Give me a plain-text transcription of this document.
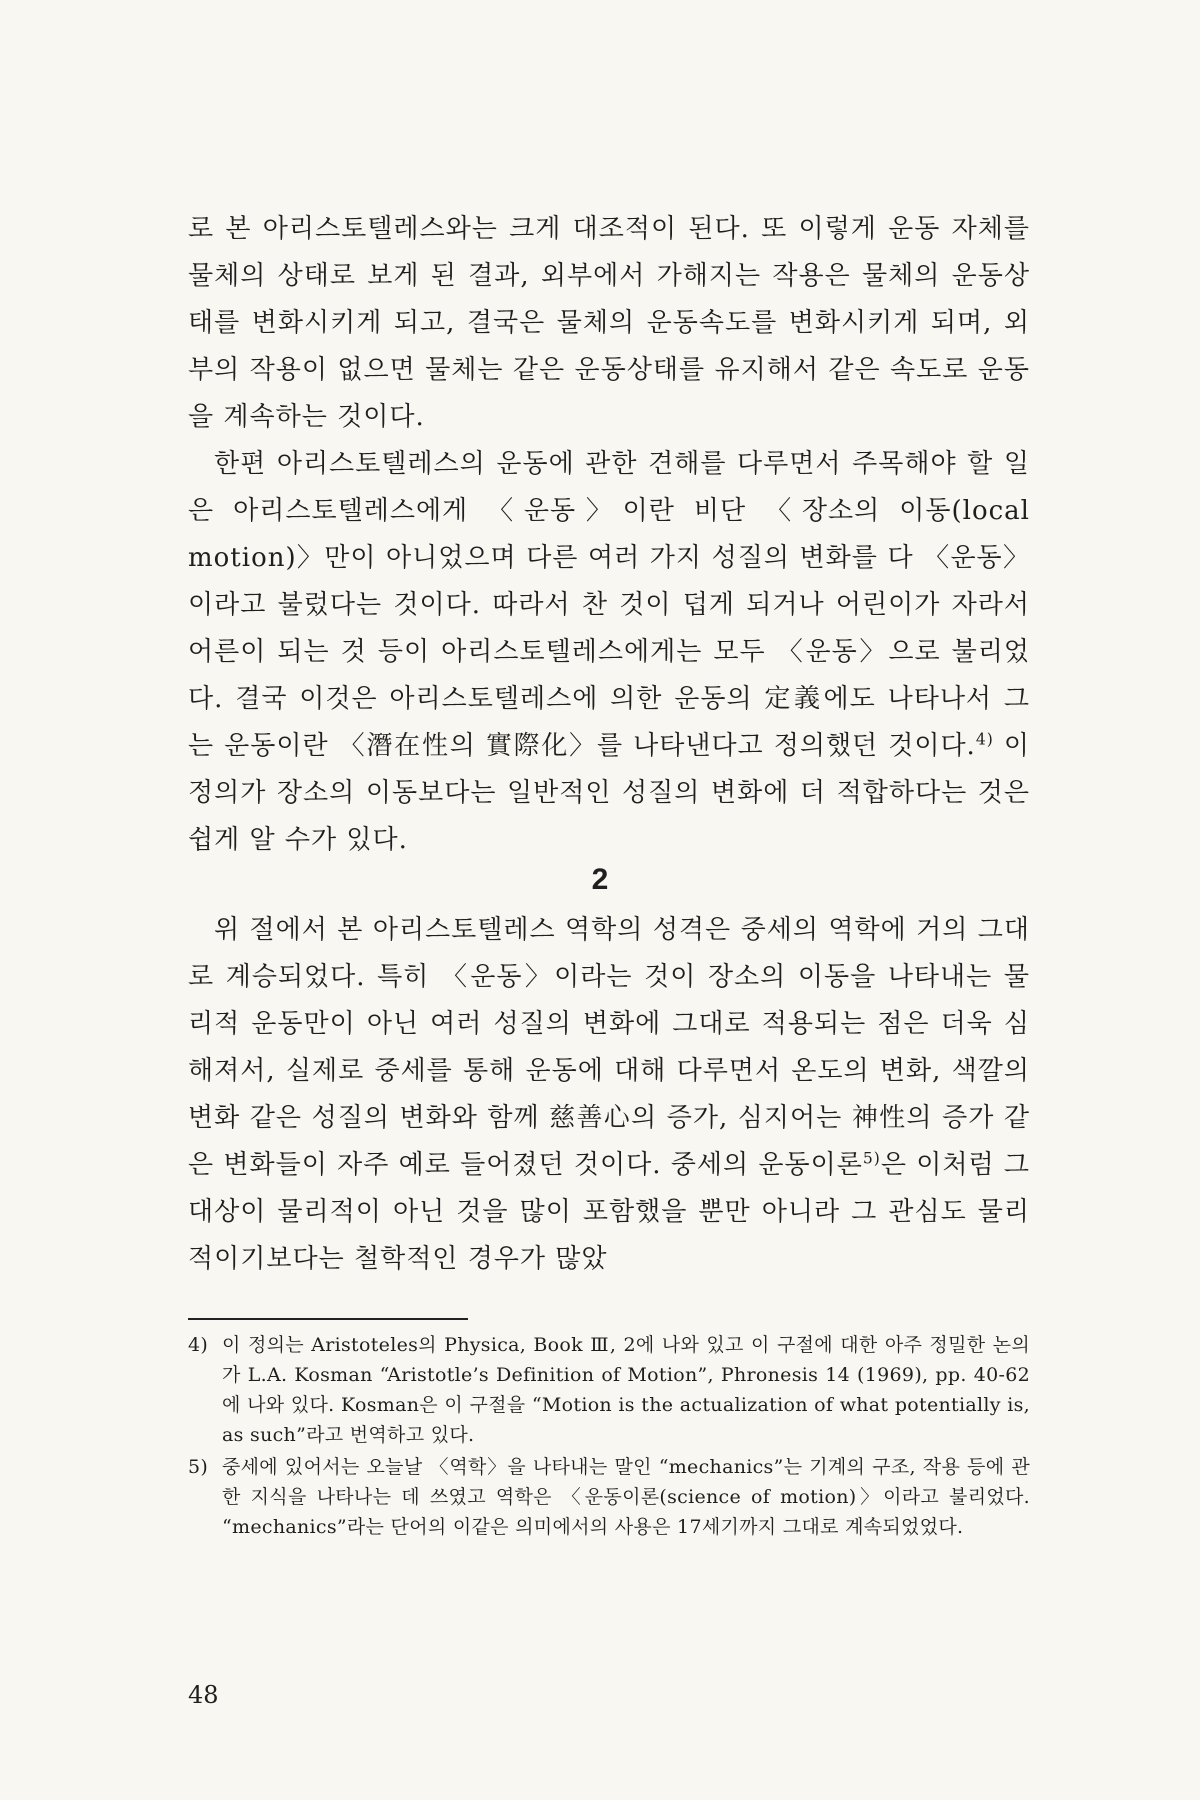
로 본 아리스토텔레스와는 크게 대조적이 된다. 또 이렇게 운동 자체를 물체의 상태로 보게 된 결과, 외부에서 가해지는 작용은 물체의 운동상태를 변화시키게 되고, 결국은 물체의 운동속도를 변화시키게 되며, 외부의 작용이 없으면 물체는 같은 운동상태를 유지해서 같은 속도로 운동을 계속하는 것이다.

한편 아리스토텔레스의 운동에 관한 견해를 다루면서 주목해야 할 일은 아리스토텔레스에게 〈운동〉이란 비단 〈장소의 이동(local motion)〉만이 아니었으며 다른 여러 가지 성질의 변화를 다 〈운동〉이라고 불렀다는 것이다. 따라서 찬 것이 덥게 되거나 어린이가 자라서 어른이 되는 것 등이 아리스토텔레스에게는 모두 〈운동〉으로 불리었다. 결국 이것은 아리스토텔레스에 의한 운동의 定義에도 나타나서 그는 운동이란 〈潛在性의 實際化〉를 나타낸다고 정의했던 것이다.$^{4)}$ 이 정의가 장소의 이동보다는 일반적인 성질의 변화에 더 적합하다는 것은 쉽게 알 수가 있다.

2

위 절에서 본 아리스토텔레스 역학의 성격은 중세의 역학에 거의 그대로 계승되었다. 특히 〈운동〉이라는 것이 장소의 이동을 나타내는 물리적 운동만이 아닌 여러 성질의 변화에 그대로 적용되는 점은 더욱 심해져서, 실제로 중세를 통해 운동에 대해 다루면서 온도의 변화, 색깔의 변화 같은 성질의 변화와 함께 慈善心의 증가, 심지어는 神性의 증가 같은 변화들이 자주 예로 들어졌던 것이다. 중세의 운동이론$^{5)}$은 이처럼 그 대상이 물리적이 아닌 것을 많이 포함했을 뿐만 아니라 그 관심도 물리적이기보다는 철학적인 경우가 많았

4) 이 정의는 Aristoteles의 Physica, Book Ⅲ, 2에 나와 있고 이 구절에 대한 아주 정밀한 논의가 L.A. Kosman “Aristotle’s Definition of Motion”, Phronesis 14 (1969), pp. 40-62에 나와 있다. Kosman은 이 구절을 “Motion is the actualization of what potentially is, as such”라고 번역하고 있다.
5) 중세에 있어서는 오늘날 〈역학〉을 나타내는 말인 “mechanics”는 기계의 구조, 작용 등에 관한 지식을 나타나는 데 쓰였고 역학은 〈운동이론(science of motion)〉이라고 불리었다. “mechanics”라는 단어의 이같은 의미에서의 사용은 17세기까지 그대로 계속되었었다.
48
